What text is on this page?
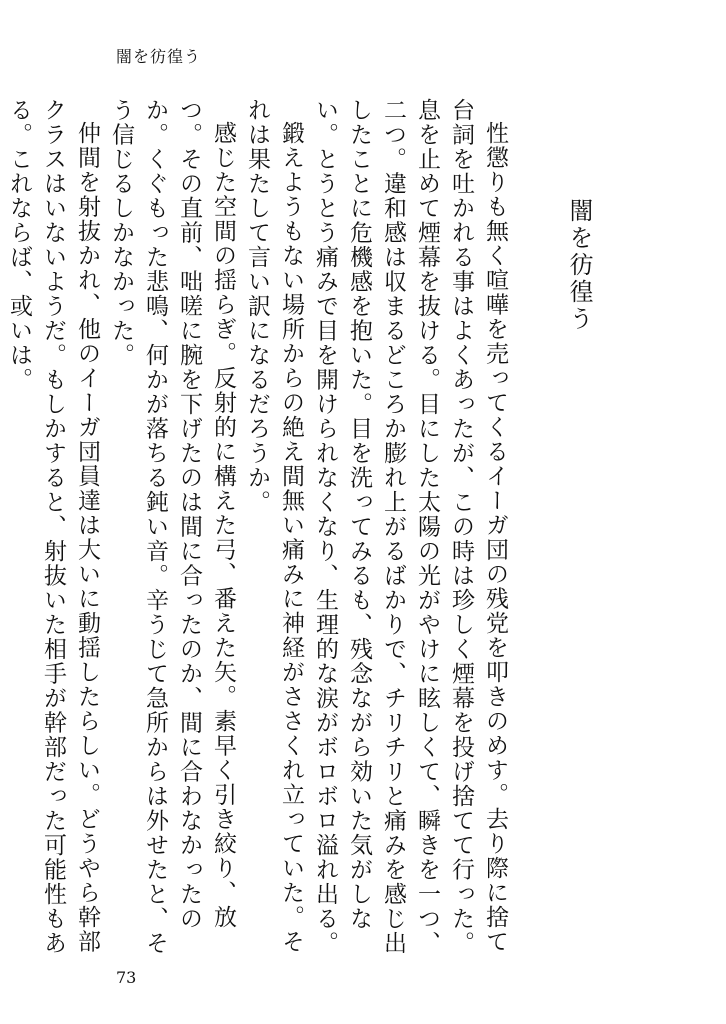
闇を彷徨う
闇を彷徨う

性懲りも無く喧嘩を売ってくるイーガ団の残党を叩きのめす。去り際に捨て台詞を吐かれる事はよくあったが、この時は珍しく煙幕を投げ捨てて行った。息を止めて煙幕を抜ける。目にした太陽の光がやけに眩しくて、瞬きを一つ、二つ。違和感は収まるどころか膨れ上がるばかりで、チリチリと痛みを感じ出したことに危機感を抱いた。目を洗ってみるも、残念ながら効いた気がしない。とうとう痛みで目を開けられなくなり、生理的な涙がボロボロ溢れ出る。

鍛えようもない場所からの絶え間無い痛みに神経がささくれ立っていた。それは果たして言い訳になるだろうか。

感じた空間の揺らぎ。反射的に構えた弓、番えた矢。素早く引き絞り、放つ。その直前、咄嗟に腕を下げたのは間に合ったのか、間に合わなかったのか。くぐもった悲鳴、何かが落ちる鈍い音。辛うじて急所からは外せたと、そう信じるしかなかった。

仲間を射抜かれ、他のイーガ団員達は大いに動揺したらしい。どうやら幹部クラスはいないようだ。もしかすると、射抜いた相手が幹部だった可能性もある。これならば、或いは。

73
